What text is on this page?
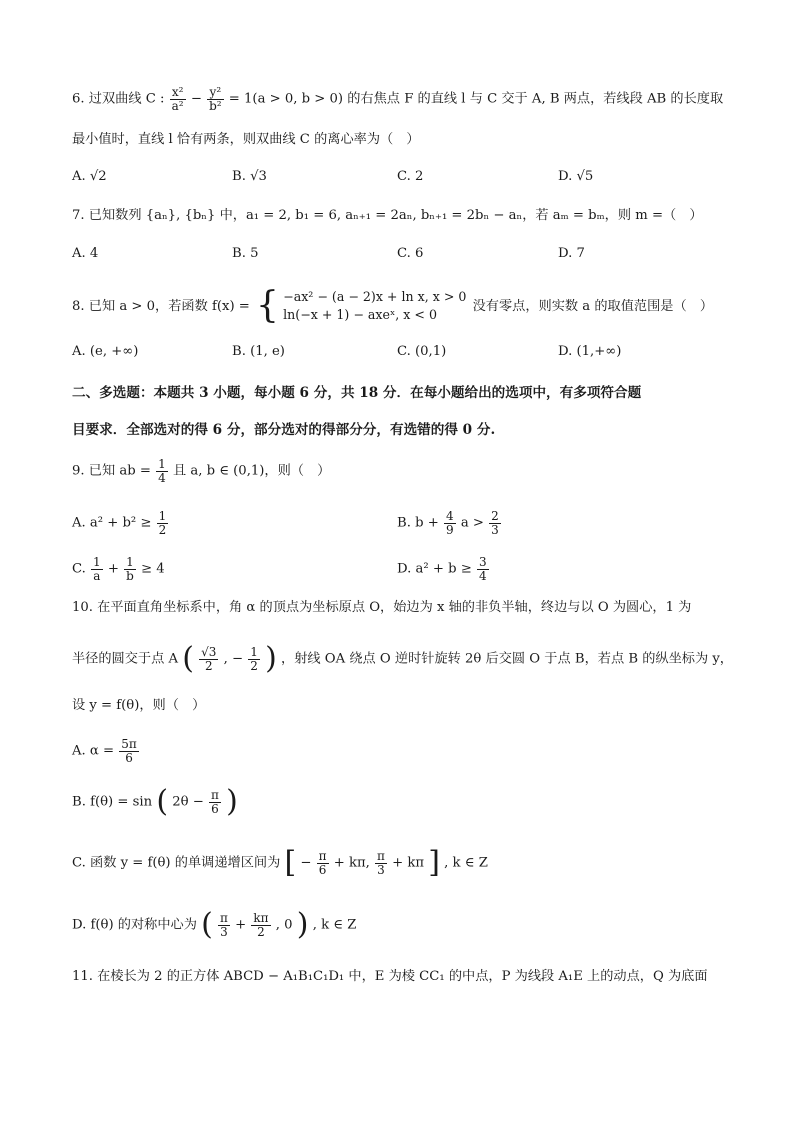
6. 过双曲线 C : $\frac{\text{x²}}{\text{a²}} - \frac{\text{y²}}{\text{b²}} = 1(a > 0$, b > 0) 的右焦点 F 的直线 l 与 C 交于 A, B 两点，若线段 AB 的长度取
最小值时，直线 l 恰有两条，则双曲线 C 的离心率为（　）
A. √2	B. √3	C. 2	D. √5
7. 已知数列 {aₙ}, {bₙ} 中，a₁ = 2, b₁ = 6, aₙ₊₁ = 2aₙ, bₙ₊₁ = 2bₙ − aₙ，若 aₘ = bₘ，则 m =（　）
A. 4	B. 5	C. 6	D. 7
8. 已知 a > 0，若函数 f(x) = { −ax² − (a − 2)x + ln x, x > 0
ln(−x + 1) − axeˣ, x < 0
没有零点，则实数 a 的取值范围是（　）
A. (e, +∞)	B. (1, e)	C. (0,1)	D. (1,+∞)
二、多选题：本题共 3 小题，每小题 6 分，共 18 分．在每小题给出的选项中，有多项符合题
目要求．全部选对的得 6 分，部分选对的得部分分，有选错的得 0 分.
9. 已知 ab = $\frac{1}{4}$ 且 a, b ∈ (0,1)，则（　）
A. $a^2 + b^2 \ge \frac{1}{2}$	B. $b + \frac{4}{9}$ $a > \frac{2}{3}$
C. $\frac{1}{a} + \frac{1}{b} \ge 4$	D. $a^2 + b \ge \frac{3}{4}$
10. 在平面直角坐标系中，角 α 的顶点为坐标原点 O，始边为 x 轴的非负半轴，终边与以 O 为圆心，1 为
半径的圆交于点 A ( $\frac{√3}{2}$ , − $\frac{1}{2}$ ) ，射线 OA 绕点 O 逆时针旋转 2θ 后交圆 O 于点 B，若点 B 的纵坐标为 y，
设 y = f(θ)，则（　）
A. $\alpha = \frac{5\pi}{6}$
B. f(θ) = sin ( $2\theta - \frac{\pi}{6}$ )
C. 函数 y = f(θ) 的单调递增区间为 [ − $\frac{\pi}{6} + k\pi$, $\frac{\pi}{3} + k\pi$ ] , k ∈ Z
D. f(θ) 的对称中心为 ( $\frac{\pi}{3} + \frac{k\pi}{2}$ , 0 ) , k ∈ Z
11. 在棱长为 2 的正方体 ABCD − A₁B₁C₁D₁ 中，E 为棱 CC₁ 的中点，P 为线段 A₁E 上的动点，Q 为底面
